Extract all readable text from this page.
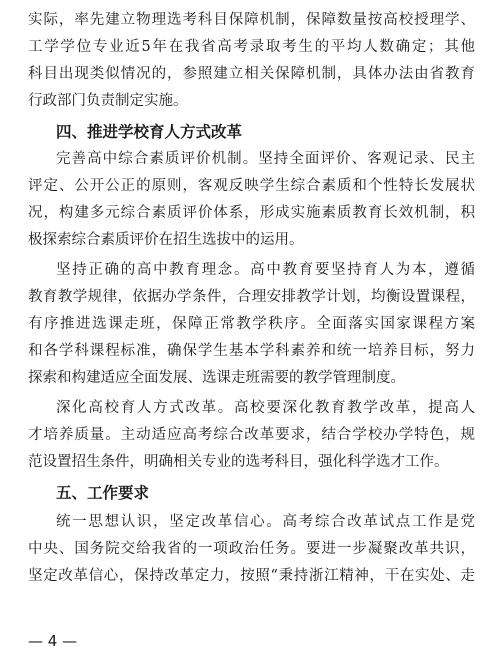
实际，率先建立物理选考科目保障机制，保障数量按高校授理学、
工学学位专业近5年在我省高考录取考生的平均人数确定；其他
科目出现类似情况的，参照建立相关保障机制，具体办法由省教育
行政部门负责制定实施。
四、推进学校育人方式改革
完善高中综合素质评价机制。坚持全面评价、客观记录、民主
评定、公开公正的原则，客观反映学生综合素质和个性特长发展状
况，构建多元综合素质评价体系，形成实施素质教育长效机制，积
极探索综合素质评价在招生选拔中的运用。
坚持正确的高中教育理念。高中教育要坚持育人为本，遵循
教育教学规律，依据办学条件，合理安排教学计划，均衡设置课程，
有序推进选课走班，保障正常教学秩序。全面落实国家课程方案
和各学科课程标准，确保学生基本学科素养和统一培养目标，努力
探索和构建适应全面发展、选课走班需要的教学管理制度。
深化高校育人方式改革。高校要深化教育教学改革，提高人
才培养质量。主动适应高考综合改革要求，结合学校办学特色，规
范设置招生条件，明确相关专业的选考科目，强化科学选才工作。
五、工作要求
统一思想认识，坚定改革信心。高考综合改革试点工作是党
中央、国务院交给我省的一项政治任务。要进一步凝聚改革共识，
坚定改革信心，保持改革定力，按照“秉持浙江精神，干在实处、走
— 4 —
